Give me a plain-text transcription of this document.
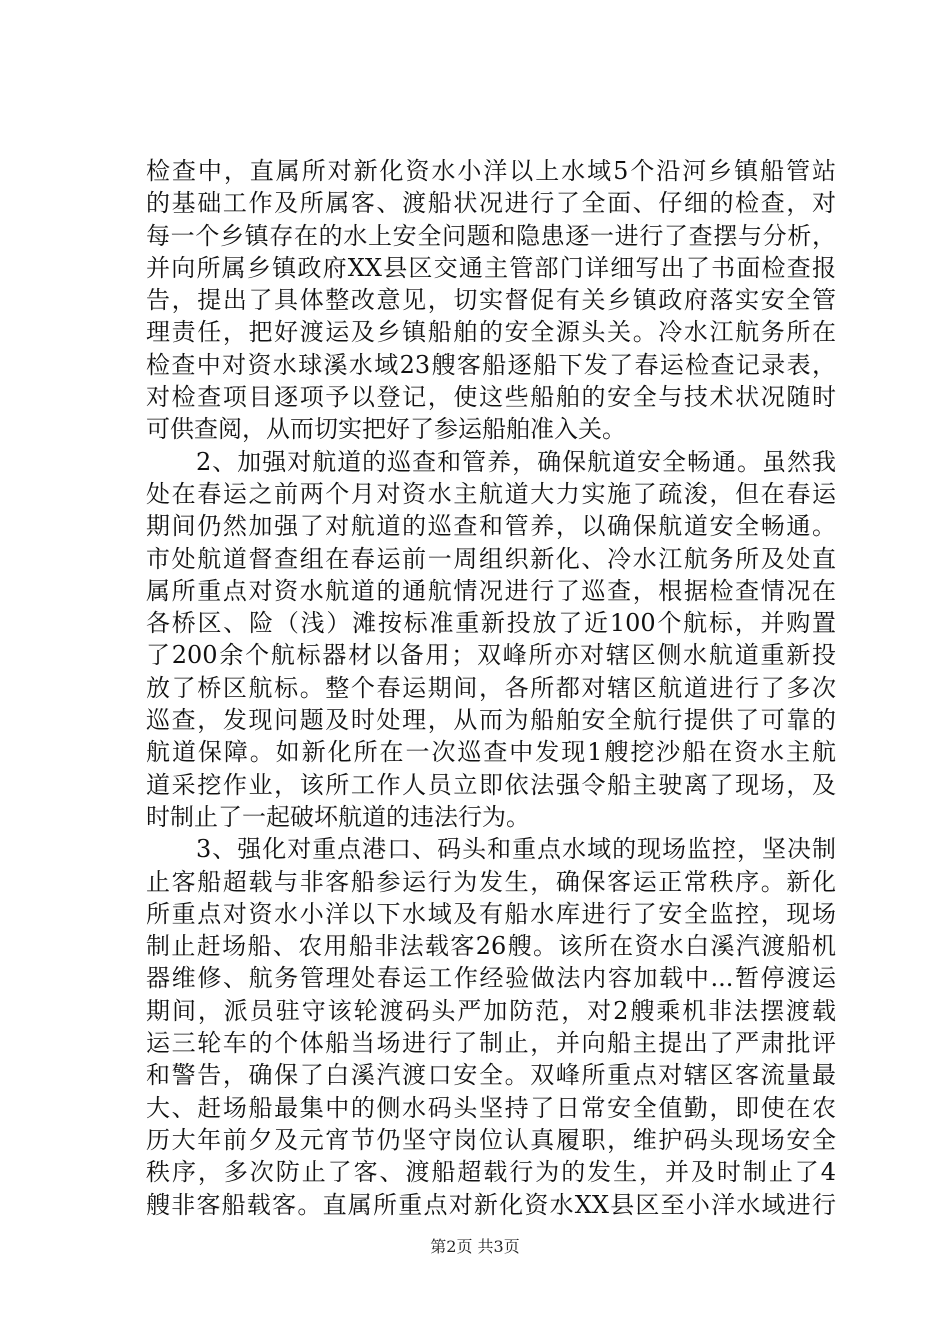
检查中，直属所对新化资水小洋以上水域5个沿河乡镇船管站
的基础工作及所属客、渡船状况进行了全面、仔细的检查，对
每一个乡镇存在的水上安全问题和隐患逐一进行了查摆与分析，
并向所属乡镇政府XX县区交通主管部门详细写出了书面检查报
告，提出了具体整改意见，切实督促有关乡镇政府落实安全管
理责任，把好渡运及乡镇船舶的安全源头关。冷水江航务所在
检查中对资水球溪水域23艘客船逐船下发了春运检查记录表，
对检查项目逐项予以登记，使这些船舶的安全与技术状况随时
可供查阅，从而切实把好了参运船舶准入关。
　　2、加强对航道的巡查和管养，确保航道安全畅通。虽然我
处在春运之前两个月对资水主航道大力实施了疏浚，但在春运
期间仍然加强了对航道的巡查和管养，以确保航道安全畅通。
市处航道督查组在春运前一周组织新化、冷水江航务所及处直
属所重点对资水航道的通航情况进行了巡查，根据检查情况在
各桥区、险（浅）滩按标准重新投放了近100个航标，并购置
了200余个航标器材以备用；双峰所亦对辖区侧水航道重新投
放了桥区航标。整个春运期间，各所都对辖区航道进行了多次
巡查，发现问题及时处理，从而为船舶安全航行提供了可靠的
航道保障。如新化所在一次巡查中发现1艘挖沙船在资水主航
道采挖作业，该所工作人员立即依法强令船主驶离了现场，及
时制止了一起破坏航道的违法行为。
　　3、强化对重点港口、码头和重点水域的现场监控，坚决制
止客船超载与非客船参运行为发生，确保客运正常秩序。新化
所重点对资水小洋以下水域及有船水库进行了安全监控，现场
制止赶场船、农用船非法载客26艘。该所在资水白溪汽渡船机
器维修、航务管理处春运工作经验做法内容加载中...暂停渡运
期间，派员驻守该轮渡码头严加防范，对2艘乘机非法摆渡载
运三轮车的个体船当场进行了制止，并向船主提出了严肃批评
和警告，确保了白溪汽渡口安全。双峰所重点对辖区客流量最
大、赶场船最集中的侧水码头坚持了日常安全值勤，即使在农
历大年前夕及元宵节仍坚守岗位认真履职，维护码头现场安全
秩序，多次防止了客、渡船超载行为的发生，并及时制止了4
艘非客船载客。直属所重点对新化资水XX县区至小洋水域进行
第2页 共3页
